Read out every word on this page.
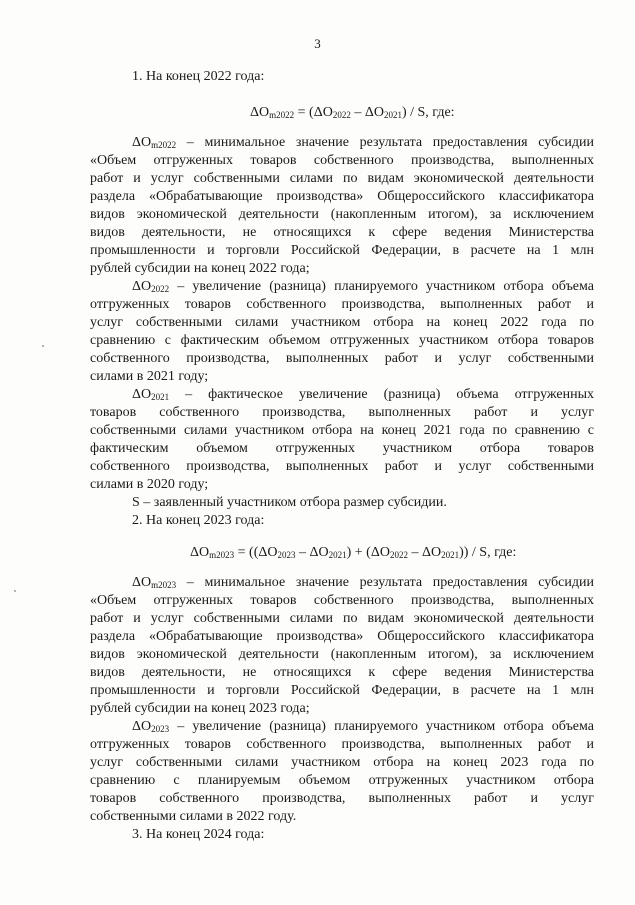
3
1. На конец 2022 года:
$\Delta O_{m2022} = (\Delta O_{2022} - \Delta O_{2021}) / S$, где:
$\Delta O_{m2022}$ – минимальное значение результата предоставления субсидии
«Объем отгруженных товаров собственного производства, выполненных
работ и услуг собственными силами по видам экономической деятельности
раздела «Обрабатывающие производства» Общероссийского классификатора
видов экономической деятельности (накопленным итогом), за исключением
видов деятельности, не относящихся к сфере ведения Министерства
промышленности и торговли Российской Федерации, в расчете на 1 млн
рублей субсидии на конец 2022 года;
$\Delta O_{2022}$ – увеличение (разница) планируемого участником отбора объема
отгруженных товаров собственного производства, выполненных работ и
услуг собственными силами участником отбора на конец 2022 года по
сравнению с фактическим объемом отгруженных участником отбора товаров
собственного производства, выполненных работ и услуг собственными
силами в 2021 году;
$\Delta O_{2021}$ – фактическое увеличение (разница) объема отгруженных
товаров собственного производства, выполненных работ и услуг
собственными силами участником отбора на конец 2021 года по сравнению с
фактическим объемом отгруженных участником отбора товаров
собственного производства, выполненных работ и услуг собственными
силами в 2020 году;
S – заявленный участником отбора размер субсидии.
2. На конец 2023 года:
$\Delta O_{m2023} = ((\Delta O_{2023} - \Delta O_{2021}) + (\Delta O_{2022} - \Delta O_{2021})) / S$, где:
$\Delta O_{m2023}$ – минимальное значение результата предоставления субсидии
«Объем отгруженных товаров собственного производства, выполненных
работ и услуг собственными силами по видам экономической деятельности
раздела «Обрабатывающие производства» Общероссийского классификатора
видов экономической деятельности (накопленным итогом), за исключением
видов деятельности, не относящихся к сфере ведения Министерства
промышленности и торговли Российской Федерации, в расчете на 1 млн
рублей субсидии на конец 2023 года;
$\Delta O_{2023}$ – увеличение (разница) планируемого участником отбора объема
отгруженных товаров собственного производства, выполненных работ и
услуг собственными силами участником отбора на конец 2023 года по
сравнению с планируемым объемом отгруженных участником отбора
товаров собственного производства, выполненных работ и услуг
собственными силами в 2022 году.
3. На конец 2024 года:
